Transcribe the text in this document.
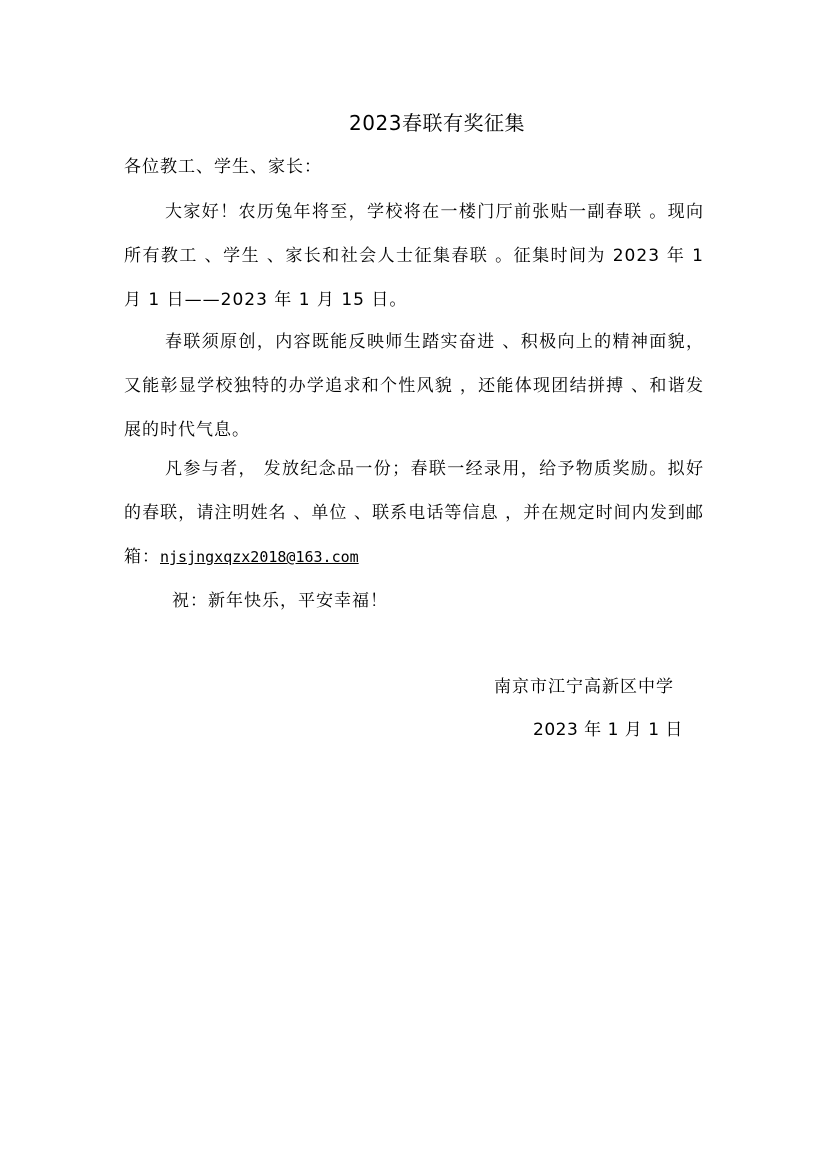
2023春联有奖征集
各位教工、学生、家长：
大家好！农历兔年将至，学校将在一楼门厅前张贴一副春联 。现向所有教工 、学生 、家长和社会人士征集春联 。征集时间为 2023 年 1 月 1 日——2023 年 1 月 15 日。
春联须原创，内容既能反映师生踏实奋进 、积极向上的精神面貌，又能彰显学校独特的办学追求和个性风貌 ，还能体现团结拼搏 、和谐发展的时代气息。
凡参与者， 发放纪念品一份；春联一经录用，给予物质奖励。拟好的春联，请注明姓名 、单位 、联系电话等信息 ，并在规定时间内发到邮箱：njsjngxqzx2018@163.com
祝：新年快乐，平安幸福！
南京市江宁高新区中学
2023 年 1 月 1 日
